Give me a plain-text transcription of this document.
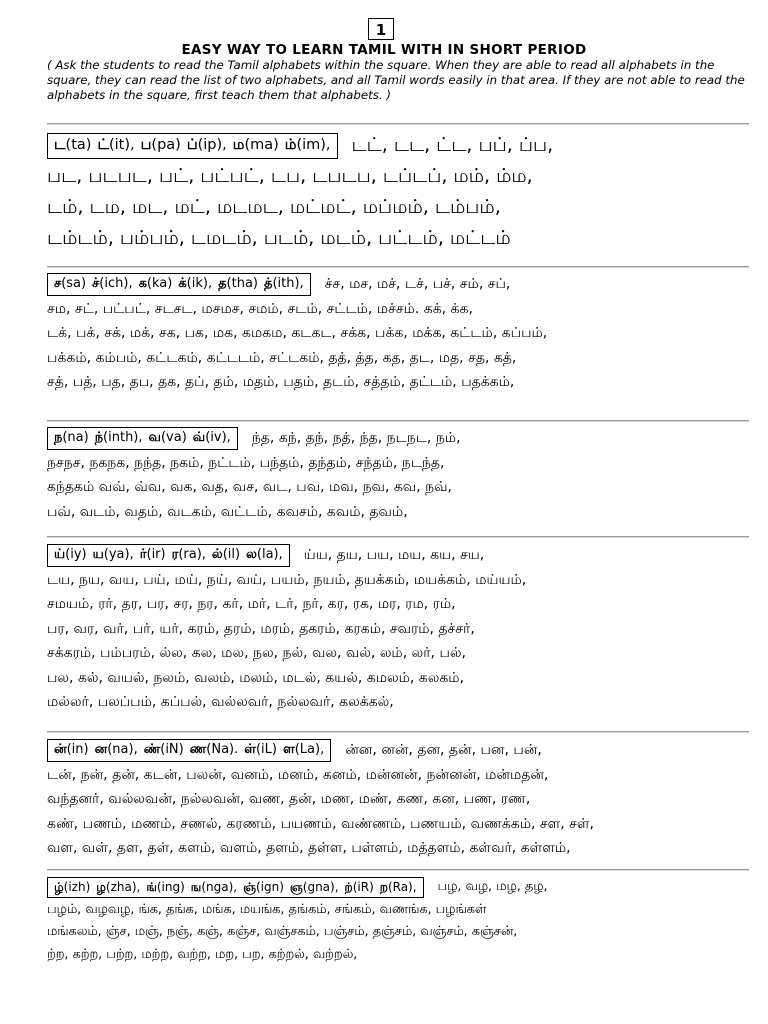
1
EASY WAY TO LEARN TAMIL WITH IN SHORT PERIOD
( Ask the students to read the Tamil alphabets within the square. When they are able to read all alphabets in the square, they can read the list of two alphabets, and all Tamil words easily in that area. If they are not able to read the alphabets in the square, first teach them that alphabets. )
ட (ta) ட் (it), ப (pa) ப் (ip), ம (ma) ம் (im), டட், டட, ட்ட, பப், ப்ப,
பட, படபட, பட், பட்பட், டப, டபடப, டப்டப், மம், ம்ம,
டம், டம, மட, மட், மடமட, மட்மட், மப்மம், டம்பம்,
டம்டம், பம்பம், டமடம், படம், மடம், பட்டம், மட்டம்
ச (sa) ச் (ich), க (ka) க் (ik), த (tha) த் (ith), ச்ச, மச, மச், டச், பச், சம், சப்,
சம, சட், பட்பட், சடசட, மசமச, சமம், சடம், சட்டம், மச்சம். கக், க்க,
டக், பக், சக், மக், சக, பக, மக, கமகம, கடகட, சக்க, பக்க, மக்க, கட்டம், கப்பம்,
பக்கம், கம்பம், கட்டகம், கட்டடம், சட்டகம், தத், த்த, கத, தட, மத, சத, கத்,
சத், பத், பத, தப, தக, தப், தம், மதம், பதம், தடம், சத்தம், தட்டம், பதக்கம்,
ந (na) ந் (inth), வ (va) வ் (iv), ந்த, கந், தந், நத், ந்த, நடநட, நம்,
நசநச, நகநக, நந்த, நகம், நட்டம், பந்தம், தந்தம், சந்தம், நடந்த,
கந்தகம் வவ், வ்வ, வக, வத, வச, வட, பவ, மவ, நவ, கவ, நவ்,
பவ், வடம், வதம், வடகம், வட்டம், கவசம், கவம், தவம்,
ய் (iy) ய (ya), ர் (ir) ர (ra), ல் (il) ல (la), ய்ய, தய, பய, மய, கய, சய,
டய, நய, வய, பய், மய், நய், வய், பயம், நயம், தயக்கம், மயக்கம், மய்யம்,
சமயம், ரர், தர, பர, சர, நர, கர், மர், டர், நர், கர, ரக, மர, ரம, ரம்,
பர, வர, வர், பர், யர், கரம், தரம், மரம், தகரம், கரகம், சவரம், தச்சர்,
சக்கரம், பம்பரம், ல்ல, கல, மல, நல, நல், வல, வல், லம், லர், பல்,
பல, கல், வயல், நலம், வலம், மலம், மடல், கயல், கமலம், கலகம்,
மல்லர், பலப்பம், கப்பல், வல்லவர், நல்லவர், கலக்கல்,
ன் (in) ன (na), ண் (iN) ண (Na). ள் (iL) ள (La), ன்ன, னன், தன, தன், பன, பன்,
டன், நன், தன், கடன், பலன், வனம், மனம், கனம், மன்னன், நன்னன், மன்மதன்,
வந்தனர், வல்லவன், நல்லவன், வண, தன், மண, மண், கண, கன, பண, ரண,
கண், பணம், மணம், சணல், கரணம், பயணம், வண்ணம், பணயம், வணக்கம், சள, சள்,
வள, வள், தள, தள், களம், வளம், தளம், தள்ள, பள்ளம், மத்தளம், கள்வர், கள்ளம்,
ழ் (izh) ழ (zha), ங் (ing) ங (nga), ஞ் (ign) ஞ (gna), ற் (iR) ற (Ra), பழ, வழ, மழ, தழ,
பழம், வழவழ, ங்க, தங்க, மங்க, மயங்க, தங்கம், சங்கம், வணங்க, பழங்கள்
மங்கலம், ஞ்ச, மஞ், நஞ், கஞ், கஞ்ச, வஞ்சகம், பஞ்சம், தஞ்சம், வஞ்சம், கஞ்சன்,
ற்ற, கற்ற, பற்ற, மற்ற, வற்ற, மற, பற, கற்றல், வற்றல்,
